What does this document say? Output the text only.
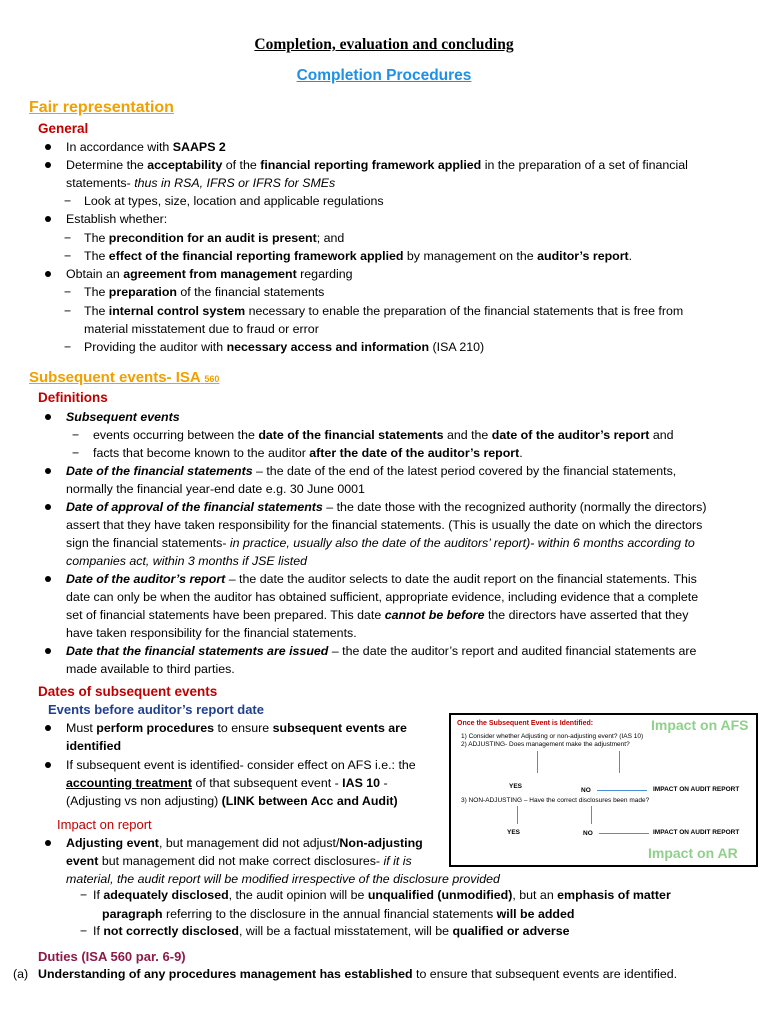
Completion, evaluation and concluding
Completion Procedures
Fair representation
General
In accordance with SAAPS 2
Determine the acceptability of the financial reporting framework applied in the preparation of a set of financial
statements- thus in RSA, IFRS or IFRS for SMEs
− Look at types, size, location and applicable regulations
Establish whether:
− The precondition for an audit is present; and
− The effect of the financial reporting framework applied by management on the auditor’s report.
Obtain an agreement from management regarding
− The preparation of the financial statements
− The internal control system necessary to enable the preparation of the financial statements that is free from
material misstatement due to fraud or error
− Providing the auditor with necessary access and information (ISA 210)
Subsequent events- ISA 560
Definitions
Subsequent events
− events occurring between the date of the financial statements and the date of the auditor’s report and
− facts that become known to the auditor after the date of the auditor’s report.
Date of the financial statements – the date of the end of the latest period covered by the financial statements,
normally the financial year-end date e.g. 30 June 0001
Date of approval of the financial statements – the date those with the recognized authority (normally the directors)
assert that they have taken responsibility for the financial statements. (This is usually the date on which the directors
sign the financial statements- in practice, usually also the date of the auditors’ report)- within 6 months according to
companies act, within 3 months if JSE listed
Date of the auditor’s report – the date the auditor selects to date the audit report on the financial statements. This
date can only be when the auditor has obtained sufficient, appropriate evidence, including evidence that a complete
set of financial statements have been prepared. This date cannot be before the directors have asserted that they
have taken responsibility for the financial statements.
Date that the financial statements are issued – the date the auditor’s report and audited financial statements are
made available to third parties.
Dates of subsequent events
Events before auditor’s report date
Must perform procedures to ensure subsequent events are
identified
If subsequent event is identified- consider effect on AFS i.e.: the
accounting treatment of that subsequent event - IAS 10 -
(Adjusting vs non adjusting) (LINK between Acc and Audit)
Impact on report
Adjusting event, but management did not adjust/Non-adjusting
event but management did not make correct disclosures- if it is
material, the audit report will be modified irrespective of the disclosure provided
− If adequately disclosed, the audit opinion will be unqualified (unmodified), but an emphasis of matter
paragraph referring to the disclosure in the annual financial statements will be added
− If not correctly disclosed, will be a factual misstatement, will be qualified or adverse
Duties (ISA 560 par. 6-9)
(a) Understanding of any procedures management has established to ensure that subsequent events are identified.
Once the Subsequent Event is Identified:	Impact on AFS
1) Consider whether Adjusting or non-adjusting event? (IAS 10)
2) ADJUSTING- Does management make the adjustment?
YES
NO	IMPACT ON AUDIT REPORT
3) NON-ADJUSTING – Have the correct disclosures been made?
YES	NO	IMPACT ON AUDIT REPORT
Impact on AR
